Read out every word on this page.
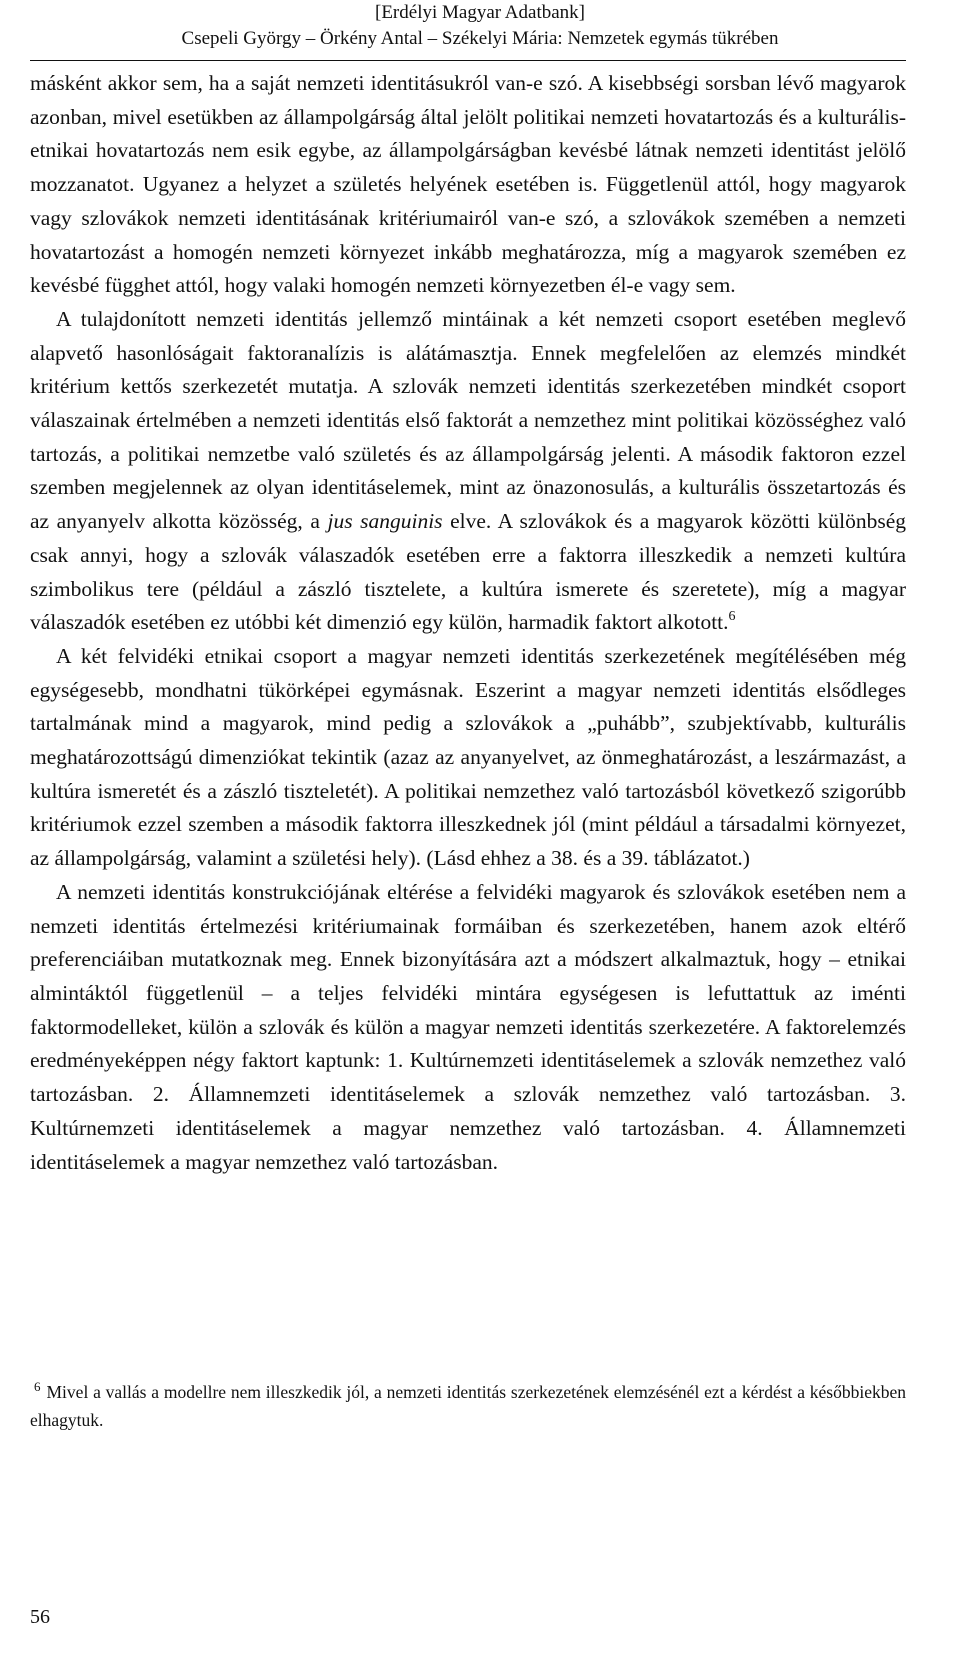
[Erdélyi Magyar Adatbank]
Csepeli György – Örkény Antal – Székelyi Mária: Nemzetek egymás tükrében

másként akkor sem, ha a saját nemzeti identitásukról van-e szó. A kisebbségi sorsban lévő magyarok azonban, mivel esetükben az állampolgárság által jelölt politikai nemzeti hovatartozás és a kulturális-etnikai hovatartozás nem esik egybe, az állampolgárságban kevésbé látnak nemzeti identitást jelölő mozzanatot. Ugyanez a helyzet a születés helyének esetében is. Függetlenül attól, hogy magyarok vagy szlovákok nemzeti identitásának kritériumairól van-e szó, a szlovákok szemében a nemzeti hovatartozást a homogén nemzeti környezet inkább meghatározza, míg a magyarok szemében ez kevésbé függhet attól, hogy valaki homogén nemzeti környezetben él-e vagy sem.

A tulajdonított nemzeti identitás jellemző mintáinak a két nemzeti csoport esetében meglevő alapvető hasonlóságait faktoranalízis is alátámasztja. Ennek megfelelően az elemzés mindkét kritérium kettős szerkezetét mutatja. A szlovák nemzeti identitás szerkezetében mindkét csoport válaszainak értelmében a nemzeti identitás első faktorát a nemzethez mint politikai közösséghez való tartozás, a politikai nemzetbe való születés és az állampolgárság jelenti. A második faktoron ezzel szemben megjelennek az olyan identitáselemek, mint az önazonosulás, a kulturális összetartozás és az anyanyelv alkotta közösség, a jus sanguinis elve. A szlovákok és a magyarok közötti különbség csak annyi, hogy a szlovák válaszadók esetében erre a faktorra illeszkedik a nemzeti kultúra szimbolikus tere (például a zászló tisztelete, a kultúra ismerete és szeretete), míg a magyar válaszadók esetében ez utóbbi két dimenzió egy külön, harmadik faktort alkotott.$^6$

A két felvidéki etnikai csoport a magyar nemzeti identitás szerkezetének megítélésében még egységesebb, mondhatni tükörképei egymásnak. Eszerint a magyar nemzeti identitás elsődleges tartalmának mind a magyarok, mind pedig a szlovákok a „puhább”, szubjektívabb, kulturális meghatározottságú dimenziókat tekintik (azaz az anyanyelvet, az önmeghatározást, a leszármazást, a kultúra ismeretét és a zászló tiszteletét). A politikai nemzethez való tartozásból következő szigorúbb kritériumok ezzel szemben a második faktorra illeszkednek jól (mint például a társadalmi környezet, az állampolgárság, valamint a születési hely). (Lásd ehhez a 38. és a 39. táblázatot.)

A nemzeti identitás konstrukciójának eltérése a felvidéki magyarok és szlovákok esetében nem a nemzeti identitás értelmezési kritériumainak formáiban és szerkezetében, hanem azok eltérő preferenciáiban mutatkoznak meg. Ennek bizonyítására azt a módszert alkalmaztuk, hogy – etnikai almintáktól függetlenül – a teljes felvidéki mintára egységesen is lefuttattuk az iménti faktormodelleket, külön a szlovák és külön a magyar nemzeti identitás szerkezetére. A faktorelemzés eredményeképpen négy faktort kaptunk: 1. Kultúrnemzeti identitáselemek a szlovák nemzethez való tartozásban. 2. Államnemzeti identitáselemek a szlovák nemzethez való tartozásban. 3. Kultúrnemzeti identitáselemek a magyar nemzethez való tartozásban. 4. Államnemzeti identitáselemek a magyar nemzethez való tartozásban.

$^6$ Mivel a vallás a modellre nem illeszkedik jól, a nemzeti identitás szerkezetének elemzésénél ezt a kérdést a későbbiekben elhagytuk.
56
